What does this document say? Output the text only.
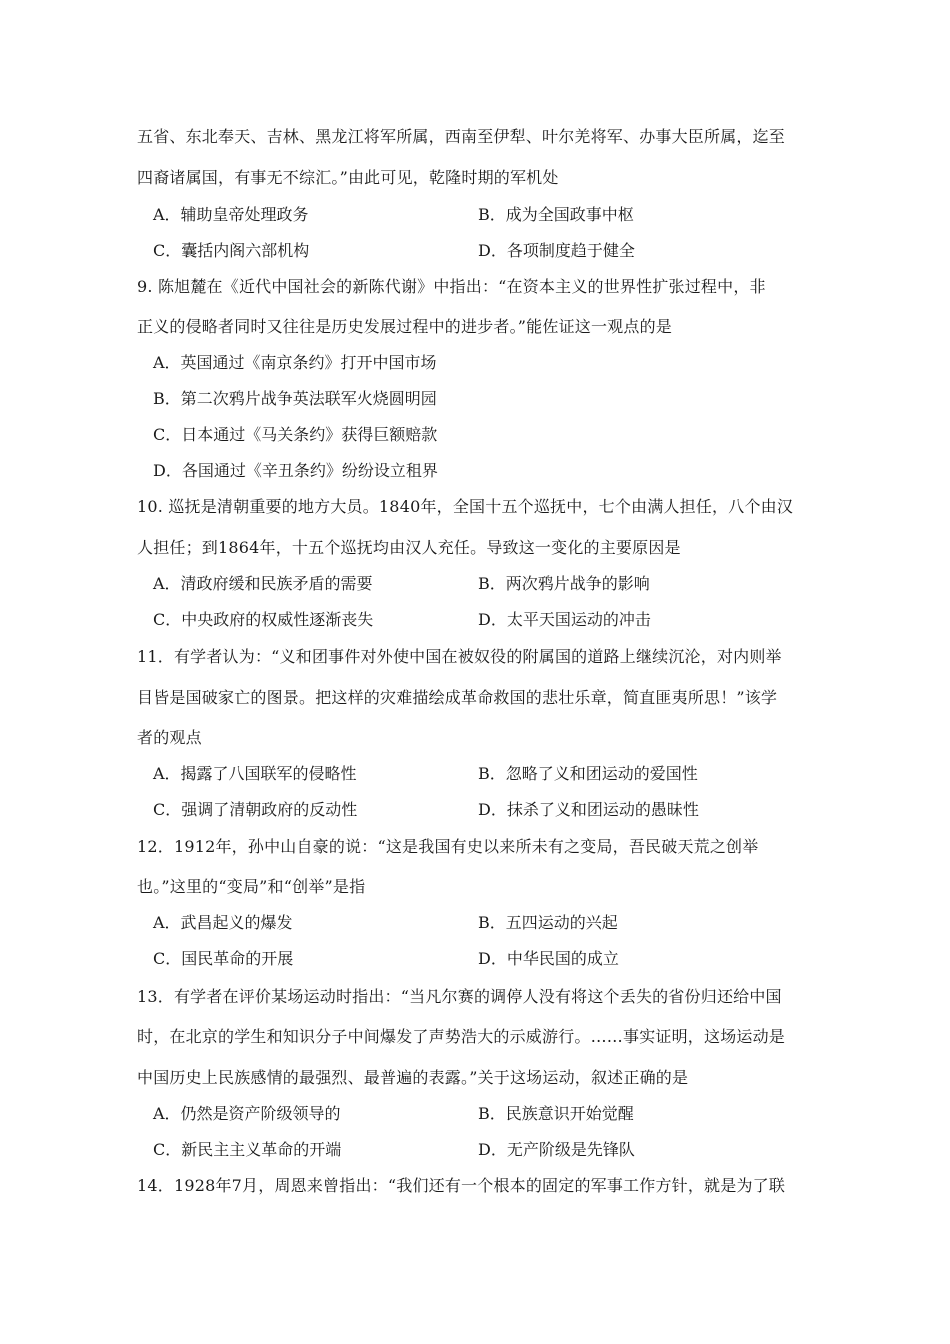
五省、东北奉天、吉林、黑龙江将军所属，西南至伊犁、叶尔羌将军、办事大臣所属，迄至
四裔诸属国，有事无不综汇。”由此可见，乾隆时期的军机处
A．辅助皇帝处理政务	B．成为全国政事中枢
C．囊括内阁六部机构	D．各项制度趋于健全
9. 陈旭麓在《近代中国社会的新陈代谢》中指出：“在资本主义的世界性扩张过程中，非
正义的侵略者同时又往往是历史发展过程中的进步者。”能佐证这一观点的是
A．英国通过《南京条约》打开中国市场
B．第二次鸦片战争英法联军火烧圆明园
C．日本通过《马关条约》获得巨额赔款
D．各国通过《辛丑条约》纷纷设立租界
10. 巡抚是清朝重要的地方大员。1840年，全国十五个巡抚中，七个由满人担任，八个由汉
人担任；到1864年，十五个巡抚均由汉人充任。导致这一变化的主要原因是
A．清政府缓和民族矛盾的需要	B．两次鸦片战争的影响
C．中央政府的权威性逐渐丧失	D．太平天国运动的冲击
11．有学者认为：“义和团事件对外使中国在被奴役的附属国的道路上继续沉沦，对内则举
目皆是国破家亡的图景。把这样的灾难描绘成革命救国的悲壮乐章，简直匪夷所思！”该学
者的观点
A．揭露了八国联军的侵略性	B．忽略了义和团运动的爱国性
C．强调了清朝政府的反动性	D．抹杀了义和团运动的愚昧性
12．1912年，孙中山自豪的说：“这是我国有史以来所未有之变局，吾民破天荒之创举
也。”这里的“变局”和“创举”是指
A．武昌起义的爆发	B．五四运动的兴起
C．国民革命的开展	D．中华民国的成立
13．有学者在评价某场运动时指出：“当凡尔赛的调停人没有将这个丢失的省份归还给中国
时，在北京的学生和知识分子中间爆发了声势浩大的示威游行。……事实证明，这场运动是
中国历史上民族感情的最强烈、最普遍的表露。”关于这场运动，叙述正确的是
A．仍然是资产阶级领导的	B．民族意识开始觉醒
C．新民主主义革命的开端	D．无产阶级是先锋队
14．1928年7月，周恩来曾指出：“我们还有一个根本的固定的军事工作方针，就是为了联
